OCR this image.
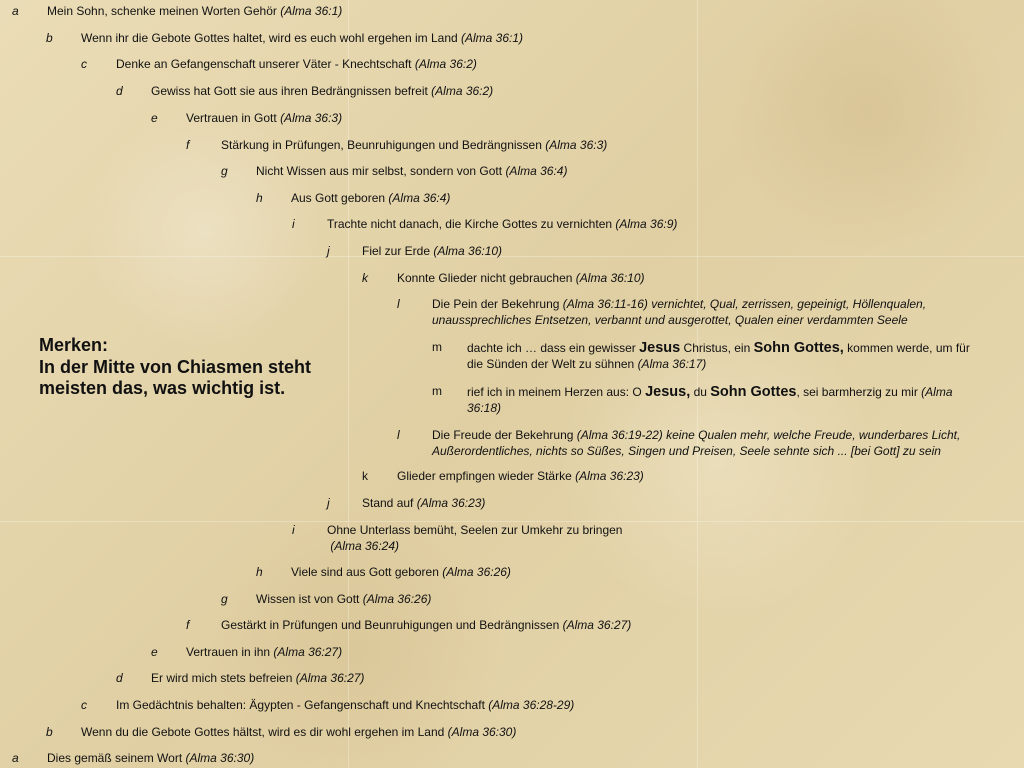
Merken:
In der Mitte von Chiasmen steht
meisten das, was wichtig ist.
a Mein Sohn, schenke meinen Worten Gehör (Alma 36:1)
b Wenn ihr die Gebote Gottes haltet, wird es euch wohl ergehen im Land (Alma 36:1)
c Denke an Gefangenschaft unserer Väter - Knechtschaft (Alma 36:2)
d Gewiss hat Gott sie aus ihren Bedrängnissen befreit (Alma 36:2)
e Vertrauen in Gott (Alma 36:3)
f	Stärkung in Prüfungen, Beunruhigungen und Bedrängnissen (Alma 36:3)
g Nicht Wissen aus mir selbst, sondern von Gott (Alma 36:4)
h Aus Gott geboren (Alma 36:4)
i	Trachte nicht danach, die Kirche Gottes zu vernichten (Alma 36:9)
j	Fiel zur Erde (Alma 36:10)
k Konnte Glieder nicht gebrauchen (Alma 36:10)
l	Die Pein der Bekehrung (Alma 36:11-16) vernichtet, Qual, zerrissen, gepeinigt, Höllenqualen,
unaussprechliches Entsetzen, verbannt und ausgerottet, Qualen einer verdammten Seele
m dachte ich … dass ein gewisser Jesus Christus, ein Sohn Gottes, kommen werde, um für
die Sünden der Welt zu sühnen (Alma 36:17)
m rief ich in meinem Herzen aus: O Jesus, du Sohn Gottes, sei barmherzig zu mir (Alma
36:18)
l	Die Freude der Bekehrung (Alma 36:19-22) keine Qualen mehr, welche Freude, wunderbares Licht,
Außerordentliches, nichts so Süßes, Singen und Preisen, Seele sehnte sich ... [bei Gott] zu sein
k Glieder empfingen wieder Stärke (Alma 36:23)
j	Stand auf (Alma 36:23)
i	Ohne Unterlass bemüht, Seelen zur Umkehr zu bringen
(Alma 36:24)
h Viele sind aus Gott geboren (Alma 36:26)
g Wissen ist von Gott (Alma 36:26)
f	Gestärkt in Prüfungen und Beunruhigungen und Bedrängnissen (Alma 36:27)
e Vertrauen in ihn (Alma 36:27)
d Er wird mich stets befreien (Alma 36:27)
c Im Gedächtnis behalten: Ägypten - Gefangenschaft und Knechtschaft (Alma 36:28-29)
b Wenn du die Gebote Gottes hältst, wird es dir wohl ergehen im Land (Alma 36:30)
a Dies gemäß seinem Wort (Alma 36:30)
